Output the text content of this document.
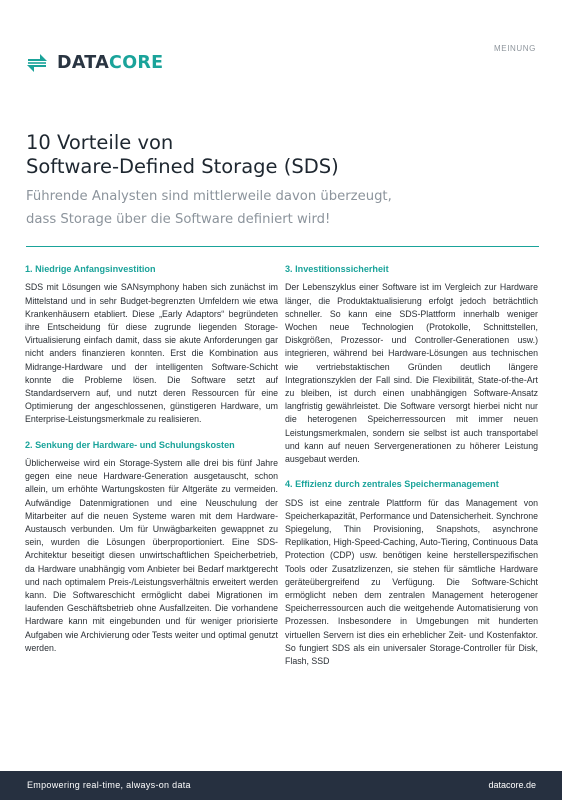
DATACORE
MEINUNG
10 Vorteile von
Software-Defined Storage (SDS)
Führende Analysten sind mittlerweile davon überzeugt,
dass Storage über die Software definiert wird!
1. Niedrige Anfangsinvestition

SDS mit Lösungen wie SANsymphony haben sich zunächst im Mittelstand und in sehr Budget-begrenzten Umfeldern wie etwa Krankenhäusern etabliert. Diese „Early Adaptors“ begründeten ihre Entscheidung für diese zugrunde liegenden Storage-Virtualisierung einfach damit, dass sie akute Anforderungen gar nicht anders finanzieren konnten. Erst die Kombination aus Midrange-Hardware und der intelligenten Software-Schicht konnte die Probleme lösen. Die Software setzt auf Standardservern auf, und nutzt deren Ressourcen für eine Optimierung der angeschlossenen, günstigeren Hardware, um Enterprise-Leistungsmerkmale zu realisieren.

2. Senkung der Hardware- und Schulungskosten

Üblicherweise wird ein Storage-System alle drei bis fünf Jahre gegen eine neue Hardware-Generation ausgetauscht, schon allein, um erhöhte Wartungskosten für Altgeräte zu vermeiden. Aufwändige Datenmigrationen und eine Neuschulung der Mitarbeiter auf die neuen Systeme waren mit dem Hardware-Austausch verbunden. Um für Unwägbarkeiten gewappnet zu sein, wurden die Lösungen überproportioniert. Eine SDS-Architektur beseitigt diesen unwirtschaftlichen Speicherbetrieb, da Hardware unabhängig vom Anbieter bei Bedarf marktgerecht und nach optimalem Preis-/Leistungsverhältnis erweitert werden kann. Die Softwareschicht ermöglicht dabei Migrationen im laufenden Geschäftsbetrieb ohne Ausfallzeiten. Die vorhandene Hardware kann mit eingebunden und für weniger priorisierte Aufgaben wie Archivierung oder Tests weiter und optimal genutzt werden.

3. Investitionssicherheit

Der Lebenszyklus einer Software ist im Vergleich zur Hardware länger, die Produktaktualisierung erfolgt jedoch beträchtlich schneller. So kann eine SDS-Plattform innerhalb weniger Wochen neue Technologien (Protokolle, Schnittstellen, Diskgrößen, Prozessor- und Controller-Generationen usw.) integrieren, während bei Hardware-Lösungen aus technischen wie vertriebstaktischen Gründen deutlich längere Integrationszyklen der Fall sind. Die Flexibilität, State-of-the-Art zu bleiben, ist durch einen unabhängigen Software-Ansatz langfristig gewährleistet. Die Software versorgt hierbei nicht nur die heterogenen Speicherressourcen mit immer neuen Leistungsmerkmalen, sondern sie selbst ist auch transportabel und kann auf neuen Servergenerationen zu höherer Leistung ausgebaut werden.

4. Effizienz durch zentrales Speichermanagement

SDS ist eine zentrale Plattform für das Management von Speicherkapazität, Performance und Datensicherheit. Synchrone Spiegelung, Thin Provisioning, Snapshots, asynchrone Replikation, High-Speed-Caching, Auto-Tiering, Continuous Data Protection (CDP) usw. benötigen keine herstellerspezifischen Tools oder Zusatzlizenzen, sie stehen für sämtliche Hardware geräteübergreifend zu Verfügung. Die Software-Schicht ermöglicht neben dem zentralen Management heterogener Speicherressourcen auch die weitgehende Automatisierung von Prozessen. Insbesondere in Umgebungen mit hunderten virtuellen Servern ist dies ein erheblicher Zeit- und Kostenfaktor. So fungiert SDS als ein universaler Storage-Controller für Disk, Flash, SSD

Empowering real-time, always-on data	datacore.de
